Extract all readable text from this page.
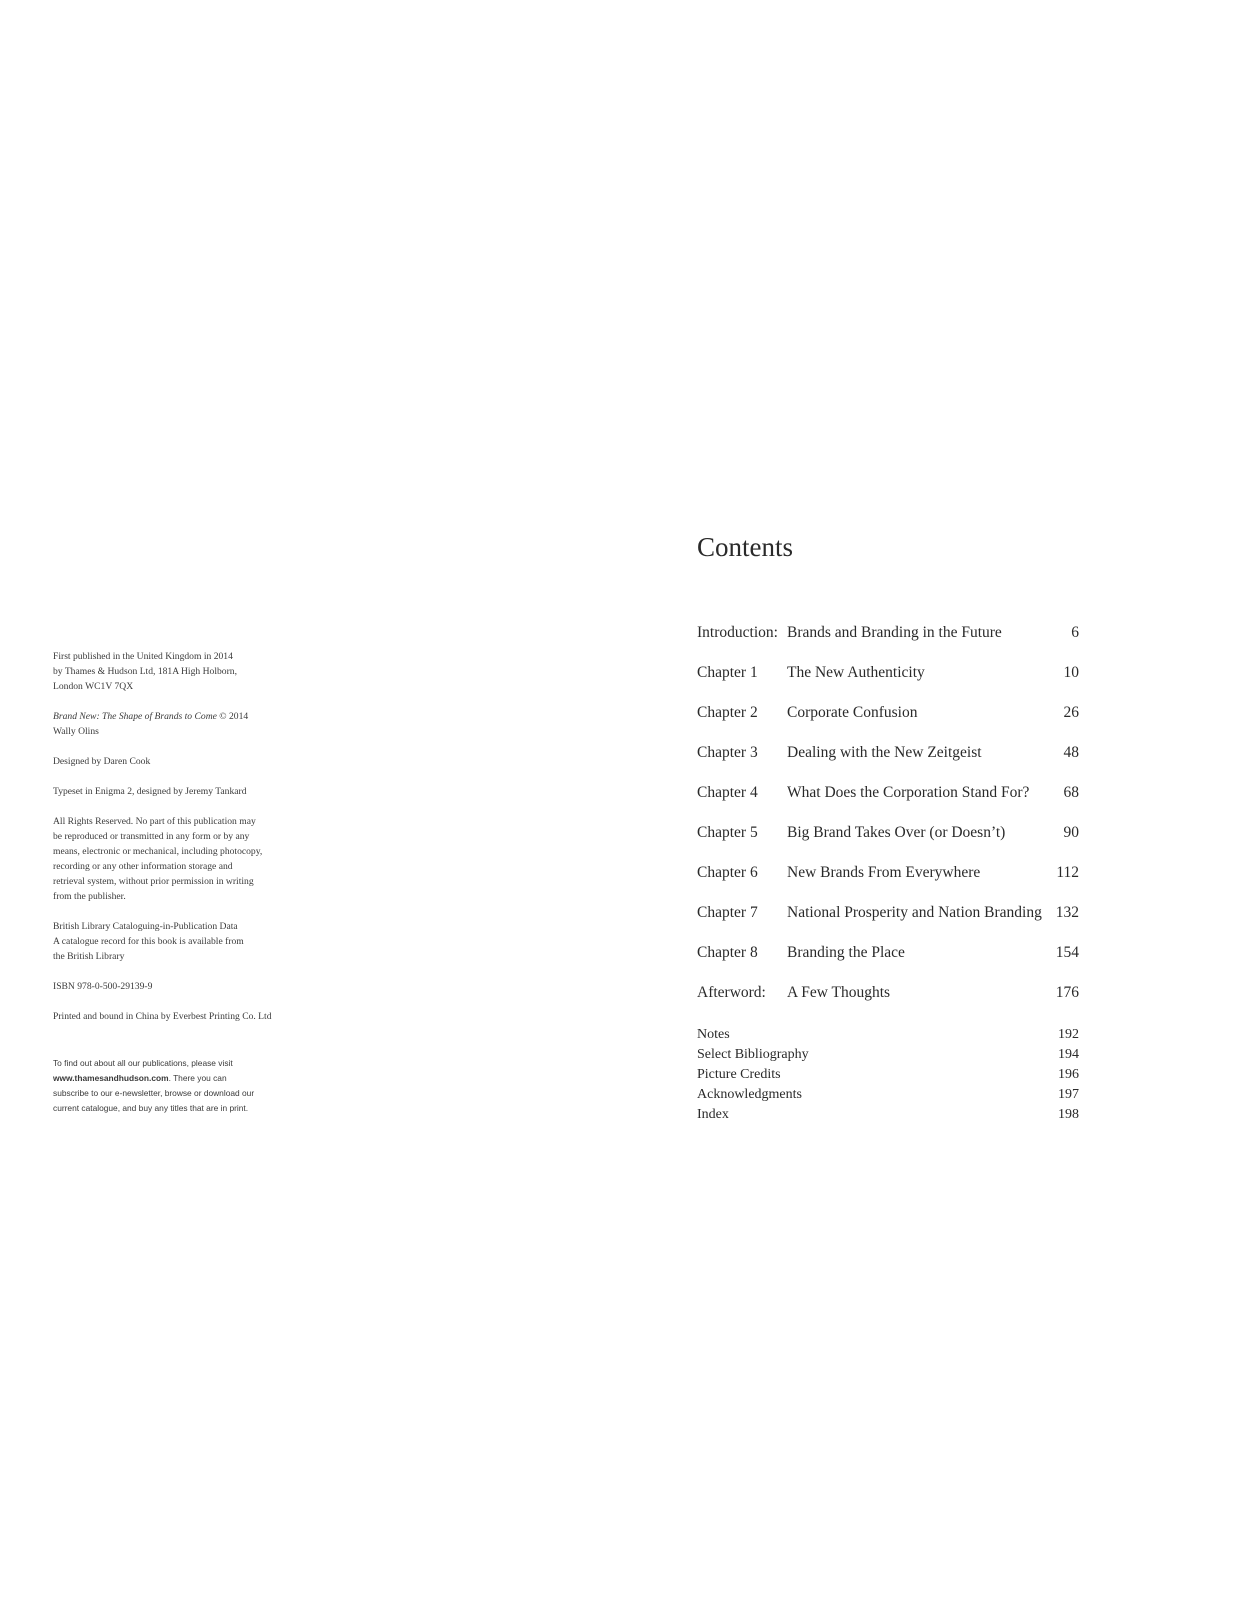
First published in the United Kingdom in 2014
by Thames & Hudson Ltd, 181A High Holborn,
London WC1V 7QX

Brand New: The Shape of Brands to Come © 2014
Wally Olins

Designed by Daren Cook

Typeset in Enigma 2, designed by Jeremy Tankard

All Rights Reserved. No part of this publication may
be reproduced or transmitted in any form or by any
means, electronic or mechanical, including photocopy,
recording or any other information storage and
retrieval system, without prior permission in writing
from the publisher.

British Library Cataloguing-in-Publication Data
A catalogue record for this book is available from
the British Library

ISBN 978-0-500-29139-9

Printed and bound in China by Everbest Printing Co. Ltd

To find out about all our publications, please visit
www.thamesandhudson.com. There you can
subscribe to our e-newsletter, browse or download our
current catalogue, and buy any titles that are in print.

Contents
Introduction: Brands and Branding in the Future	6
Chapter 1 The New Authenticity	10
Chapter 2 Corporate Confusion	26
Chapter 3 Dealing with the New Zeitgeist	48
Chapter 4 What Does the Corporation Stand For? 68
Chapter 5 Big Brand Takes Over (or Doesn’t)	90
Chapter 6 New Brands From Everywhere	112
Chapter 7 National Prosperity and Nation Branding 132
Chapter 8 Branding the Place	154
Afterword: A Few Thoughts	176
Notes	192
Select Bibliography	194
Picture Credits	196
Acknowledgments	197
Index	198
